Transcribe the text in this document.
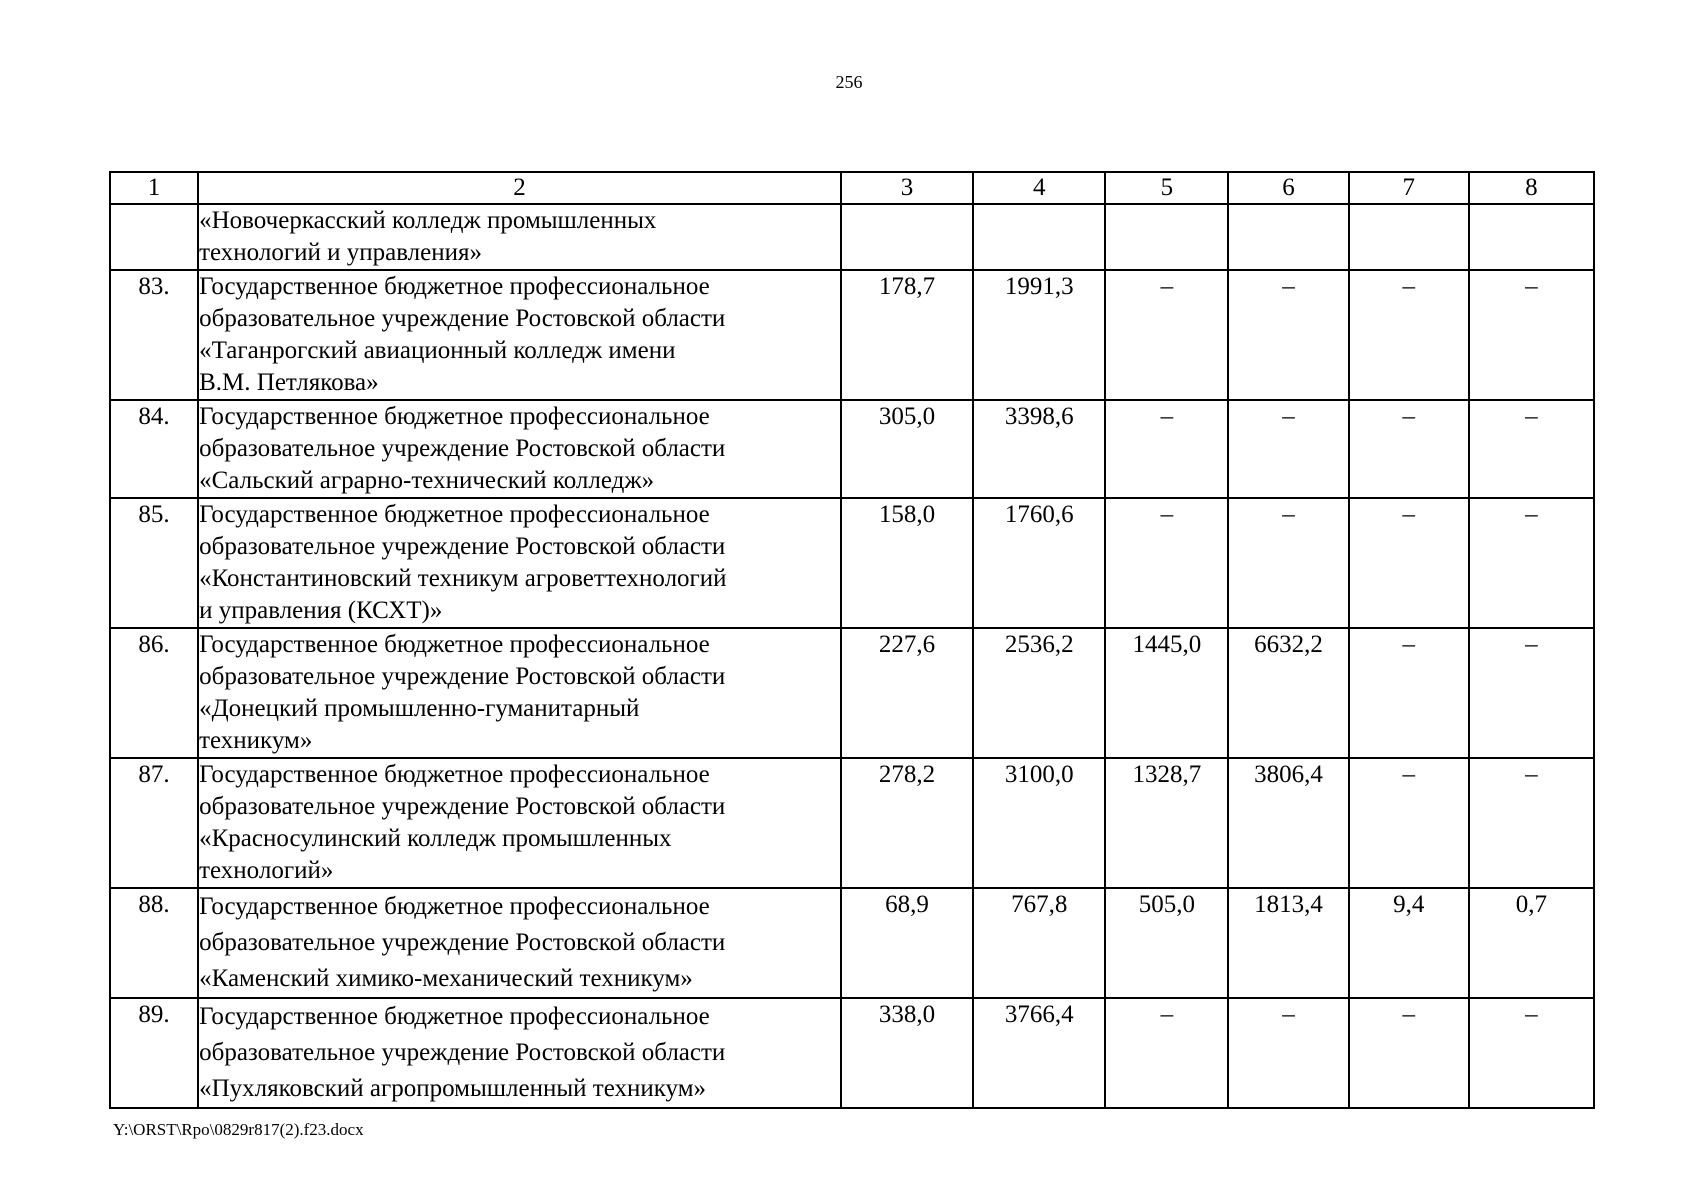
256
1	2	3	4	5	6	7	8

	«Новочеркасский колледж промышленных
технологий и управления»						

83.	Государственное бюджетное профессиональное
образовательное учреждение Ростовской области
«Таганрогский авиационный колледж имени
В.М. Петлякова»	178,7	1991,3	–	–	–	–
84.	Государственное бюджетное профессиональное
образовательное учреждение Ростовской области
«Сальский аграрно-технический колледж»	305,0	3398,6	–	–	–	–
85.	Государственное бюджетное профессиональное
образовательное учреждение Ростовской области
«Константиновский техникум агроветтехнологий
и управления (КСХТ)»	158,0	1760,6	–	–	–	–
86.	Государственное бюджетное профессиональное
образовательное учреждение Ростовской области
«Донецкий промышленно-гуманитарный
техникум»	227,6	2536,2	1445,0	6632,2	–	–
87.	Государственное бюджетное профессиональное
образовательное учреждение Ростовской области
«Красносулинский колледж промышленных
технологий»	278,2	3100,0	1328,7	3806,4	–	–
88.	Государственное бюджетное профессиональное
образовательное учреждение Ростовской области
«Каменский химико-механический техникум»	68,9	767,8	505,0	1813,4	9,4	0,7
89.	Государственное бюджетное профессиональное
образовательное учреждение Ростовской области
«Пухляковский агропромышленный техникум»	338,0	3766,4	–	–	–	–
Y:\ORST\Rpo\0829r817(2).f23.docx
